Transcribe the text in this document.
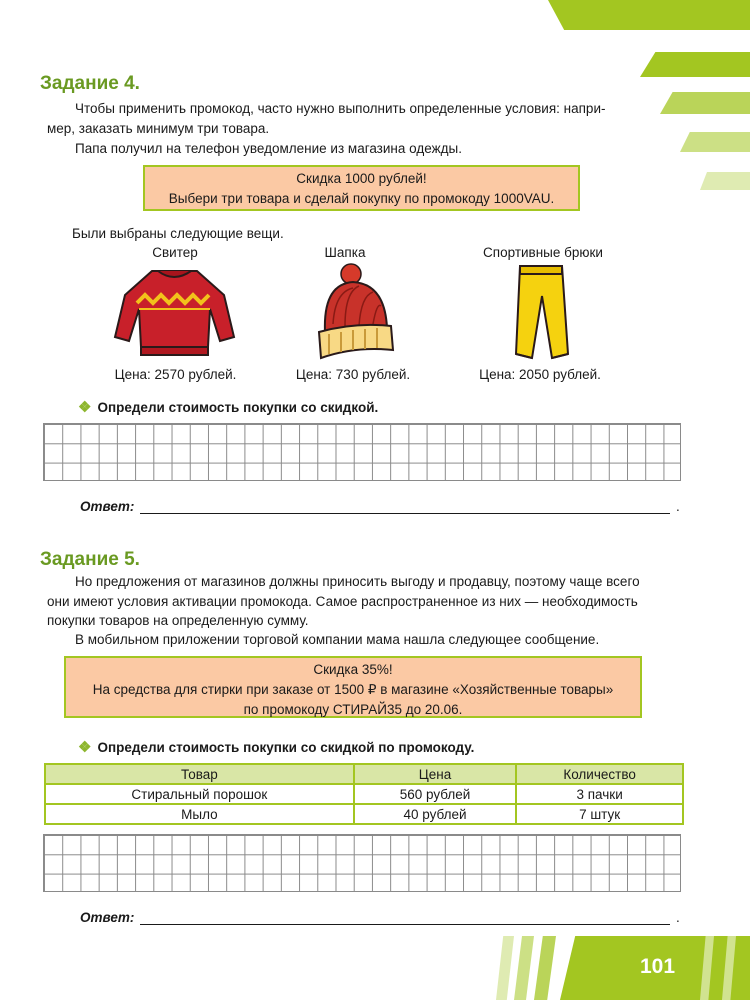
Задание 4.
Чтобы применить промокод, часто нужно выполнить определенные условия: напри-
мер, заказать минимум три товара.
Папа получил на телефон уведомление из магазина одежды.
Скидка 1000 рублей!
Выбери три товара и сделай покупку по промокоду 1000VAU.
Были выбраны следующие вещи.
Свитер	Шапка	Спортивные брюки
Цена: 2570 рублей.	Цена: 730 рублей.	Цена: 2050 рублей.
❖ Определи стоимость покупки со скидкой.
Ответ:	.
Задание 5.
Но предложения от магазинов должны приносить выгоду и продавцу, поэтому чаще всего
они имеют условия активации промокода. Самое распространенное из них — необходимость
покупки товаров на определенную сумму.
В мобильном приложении торговой компании мама нашла следующее сообщение.
Скидка 35%!
На средства для стирки при заказе от 1500 ₽ в магазине «Хозяйственные товары»
по промокоду СТИРАЙ35 до 20.06.
❖ Определи стоимость покупки со скидкой по промокоду.
Товар	Цена	Количество
Стиральный порошок	560 рублей	3 пачки
Мыло	40 рублей	7 штук
Ответ:	.
101
